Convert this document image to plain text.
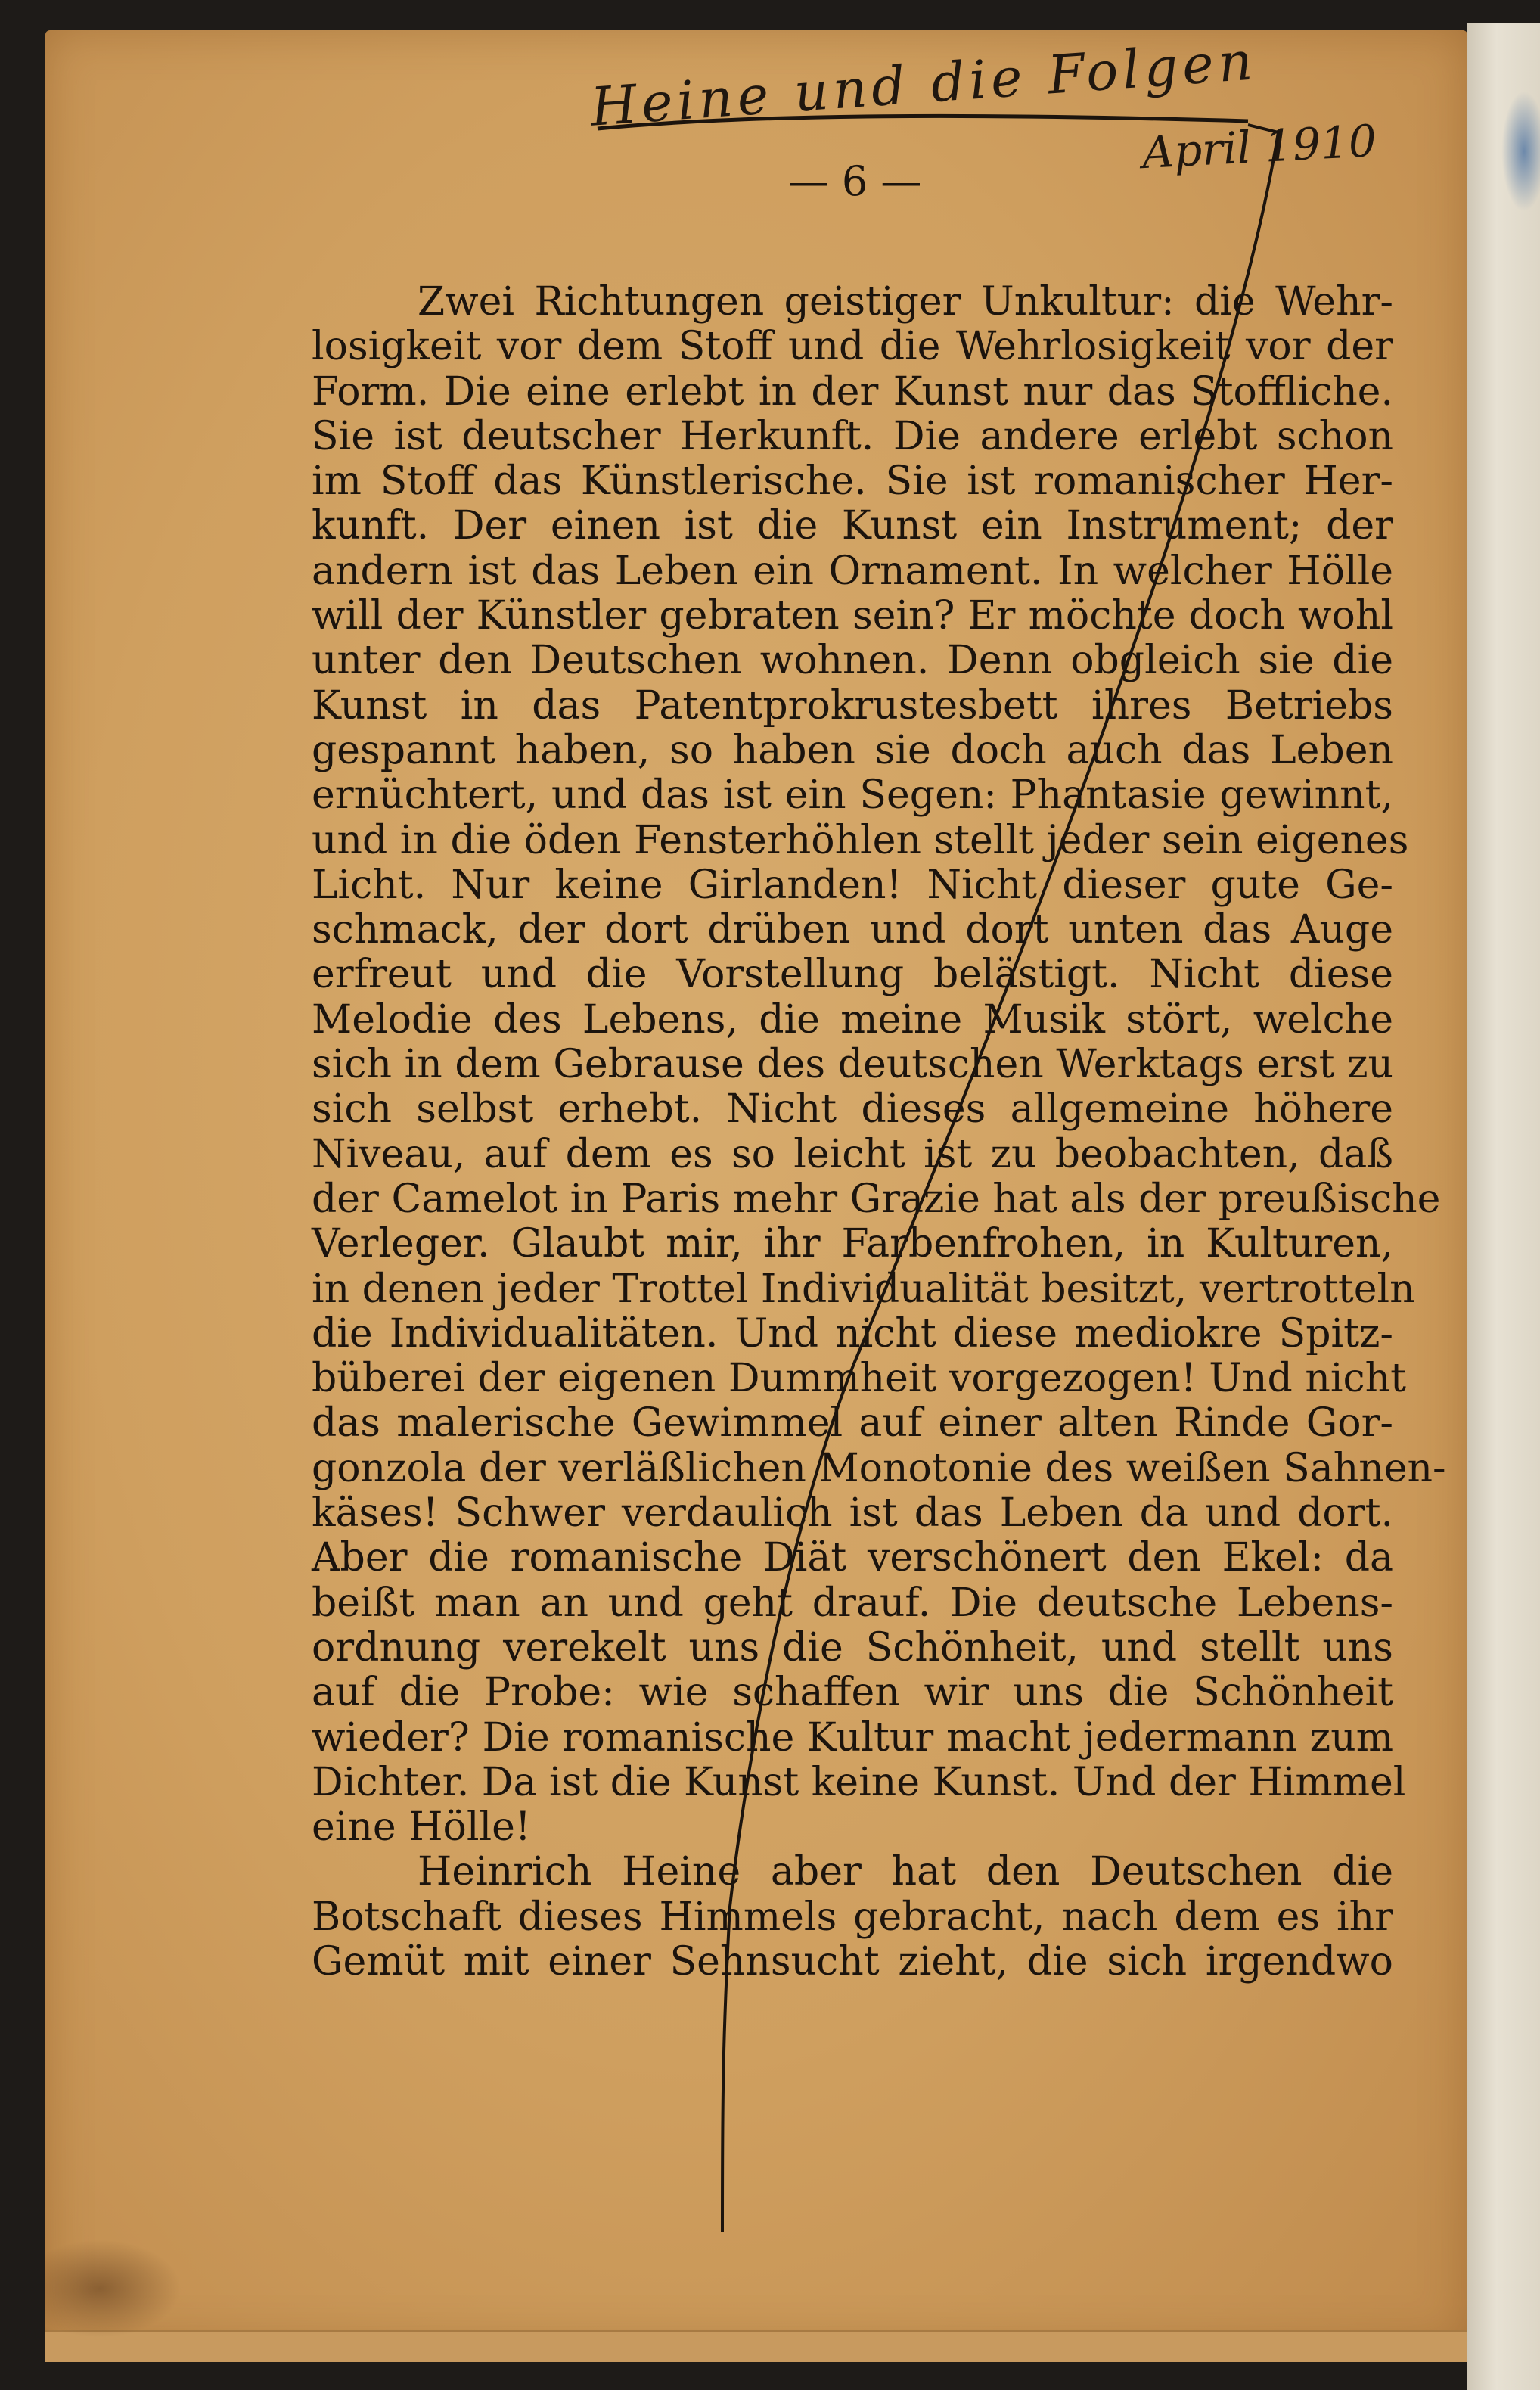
Heine und die Folgen
April 1910
— 6 —

Zwei Richtungen geistiger Unkultur: die Wehr-
losigkeit vor dem Stoff und die Wehrlosigkeit vor der
Form. Die eine erlebt in der Kunst nur das Stoffliche.
Sie ist deutscher Herkunft. Die andere erlebt schon
im Stoff das Künstlerische. Sie ist romanischer Her-
kunft. Der einen ist die Kunst ein Instrument; der
andern ist das Leben ein Ornament. In welcher Hölle
will der Künstler gebraten sein? Er möchte doch wohl
unter den Deutschen wohnen. Denn obgleich sie die
Kunst in das Patentprokrustesbett ihres Betriebs
gespannt haben, so haben sie doch auch das Leben
ernüchtert, und das ist ein Segen: Phantasie gewinnt,
und in die öden Fensterhöhlen stellt jeder sein eigenes
Licht. Nur keine Girlanden! Nicht dieser gute Ge-
schmack, der dort drüben und dort unten das Auge
erfreut und die Vorstellung belästigt. Nicht diese
Melodie des Lebens, die meine Musik stört, welche
sich in dem Gebrause des deutschen Werktags erst zu
sich selbst erhebt. Nicht dieses allgemeine höhere
Niveau, auf dem es so leicht ist zu beobachten, daß
der Camelot in Paris mehr Grazie hat als der preußische
Verleger. Glaubt mir, ihr Farbenfrohen, in Kulturen,
in denen jeder Trottel Individualität besitzt, vertrotteln
die Individualitäten. Und nicht diese mediokre Spitz-
büberei der eigenen Dummheit vorgezogen! Und nicht
das malerische Gewimmel auf einer alten Rinde Gor-
gonzola der verläßlichen Monotonie des weißen Sahnen-
käses! Schwer verdaulich ist das Leben da und dort.
Aber die romanische Diät verschönert den Ekel: da
beißt man an und geht drauf. Die deutsche Lebens-
ordnung verekelt uns die Schönheit, und stellt uns
auf die Probe: wie schaffen wir uns die Schönheit
wieder? Die romanische Kultur macht jedermann zum
Dichter. Da ist die Kunst keine Kunst. Und der Himmel
eine Hölle!

Heinrich Heine aber hat den Deutschen die
Botschaft dieses Himmels gebracht, nach dem es ihr
Gemüt mit einer Sehnsucht zieht, die sich irgendwo
